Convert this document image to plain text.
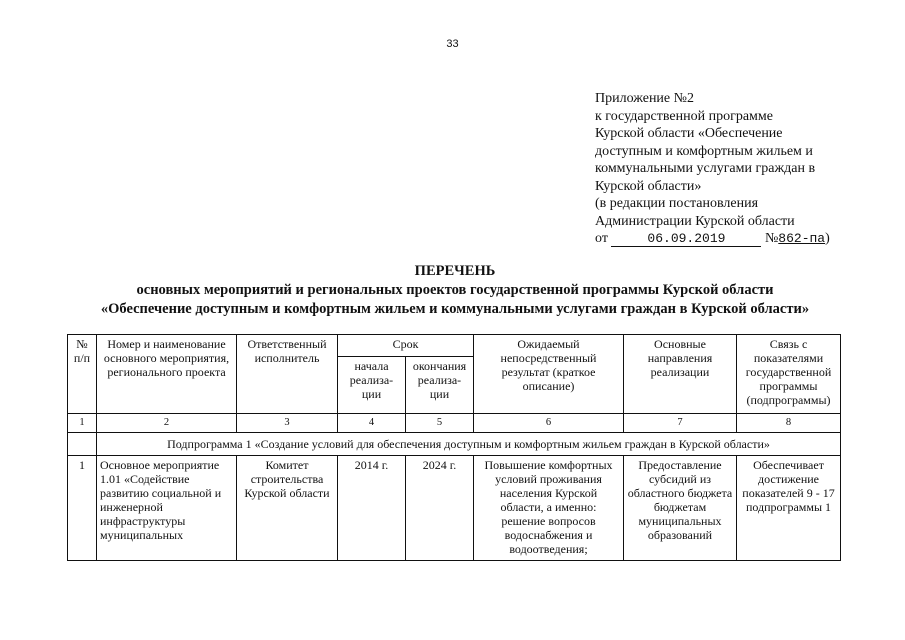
33
Приложение №2
к государственной программе
Курской области «Обеспечение
доступным и комфортным жильем и
коммунальными услугами граждан в
Курской области»
(в редакции постановления
Администрации Курской области
от	06.09.2019	№862-па)
ПЕРЕЧЕНЬ
основных мероприятий и региональных проектов государственной программы Курской области
«Обеспечение доступным и комфортным жильем и коммунальными услугами граждан в Курской области»
№ п/п	Номер и наименование основного мероприятия, регионального проекта	Ответственный исполнитель	Срок		Ожидаемый непосредственный результат (краткое описание)	Основные направления реализации	Связь с показателями государственной программы (подпрограммы)
			начала реализа-ции	окончания реализа-ции			
1	2	3	4	5	6	7	8
	Подпрограмма 1 «Создание условий для обеспечения доступным и комфортным жильем граждан в Курской области»						
1	Основное мероприятие 1.01 «Содействие развитию социальной и инженерной инфраструктуры муниципальных	Комитет строительства Курской области	2014 г.	2024 г.	Повышение комфортных условий проживания населения Курской области, а именно: решение вопросов водоснабжения и водоотведения;	Предоставление субсидий из областного бюджета бюджетам муниципальных образований	Обеспечивает достижение показателей 9 - 17 подпрограммы 1
